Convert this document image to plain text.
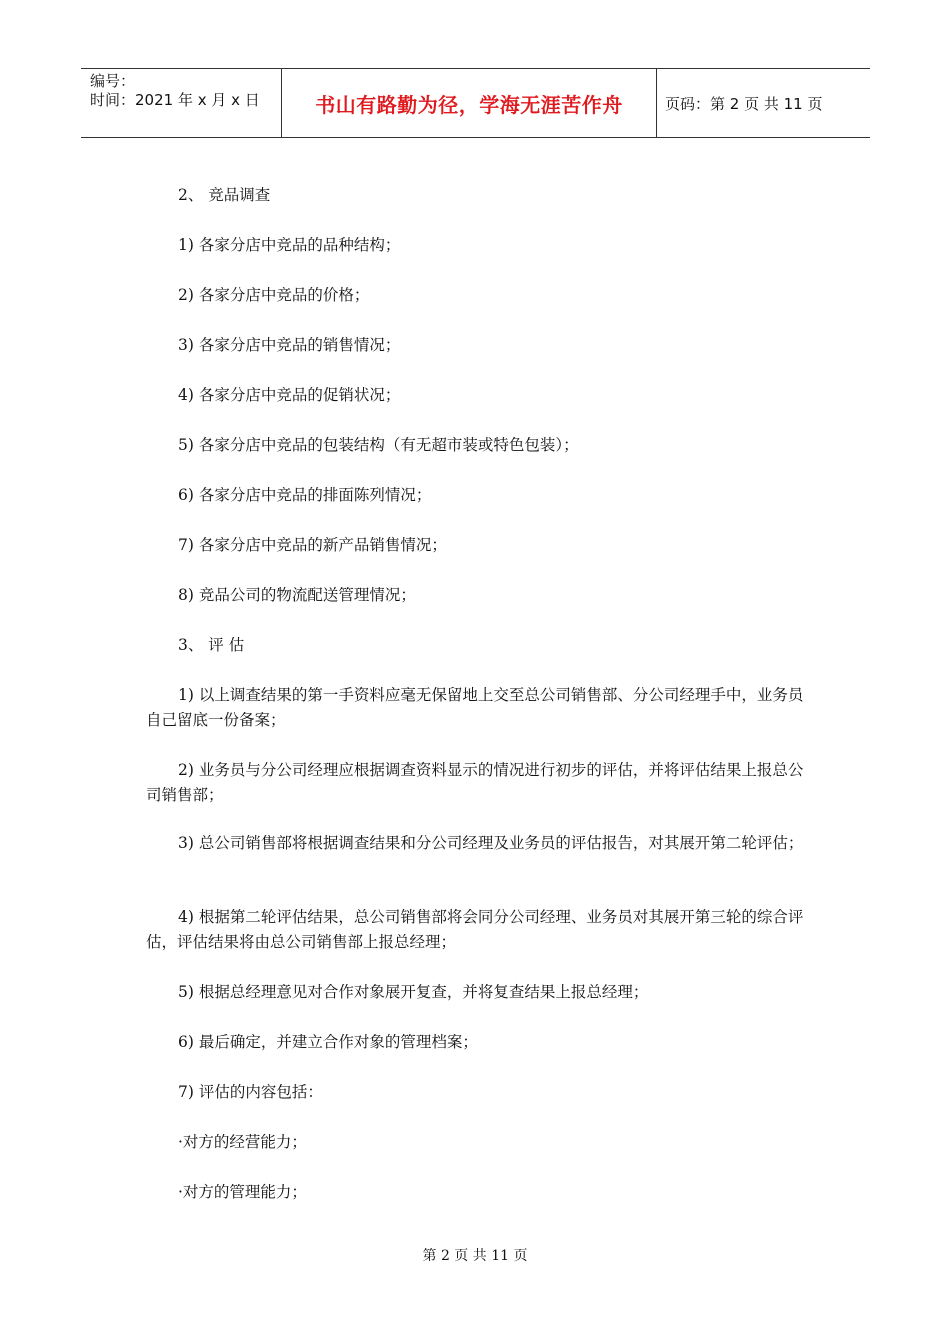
编号：
时间：2021 年 x 月 x 日	书山有路勤为径，学海无涯苦作舟	页码：第 2 页 共 11 页
2、 竞品调查
1) 各家分店中竞品的品种结构；
2) 各家分店中竞品的价格；
3) 各家分店中竞品的销售情况；
4) 各家分店中竞品的促销状况；
5) 各家分店中竞品的包装结构（有无超市装或特色包装）；
6) 各家分店中竞品的排面陈列情况；
7) 各家分店中竞品的新产品销售情况；
8) 竞品公司的物流配送管理情况；
3、 评 估
1) 以上调查结果的第一手资料应毫无保留地上交至总公司销售部、分公司经理手中，业务员自己留底一份备案；
2) 业务员与分公司经理应根据调查资料显示的情况进行初步的评估，并将评估结果上报总公司销售部；
3) 总公司销售部将根据调查结果和分公司经理及业务员的评估报告，对其展开第二轮评估；
4) 根据第二轮评估结果，总公司销售部将会同分公司经理、业务员对其展开第三轮的综合评估，评估结果将由总公司销售部上报总经理；
5) 根据总经理意见对合作对象展开复查，并将复查结果上报总经理；
6) 最后确定，并建立合作对象的管理档案；
7) 评估的内容包括：
·对方的经营能力；
·对方的管理能力；
第 2 页 共 11 页
